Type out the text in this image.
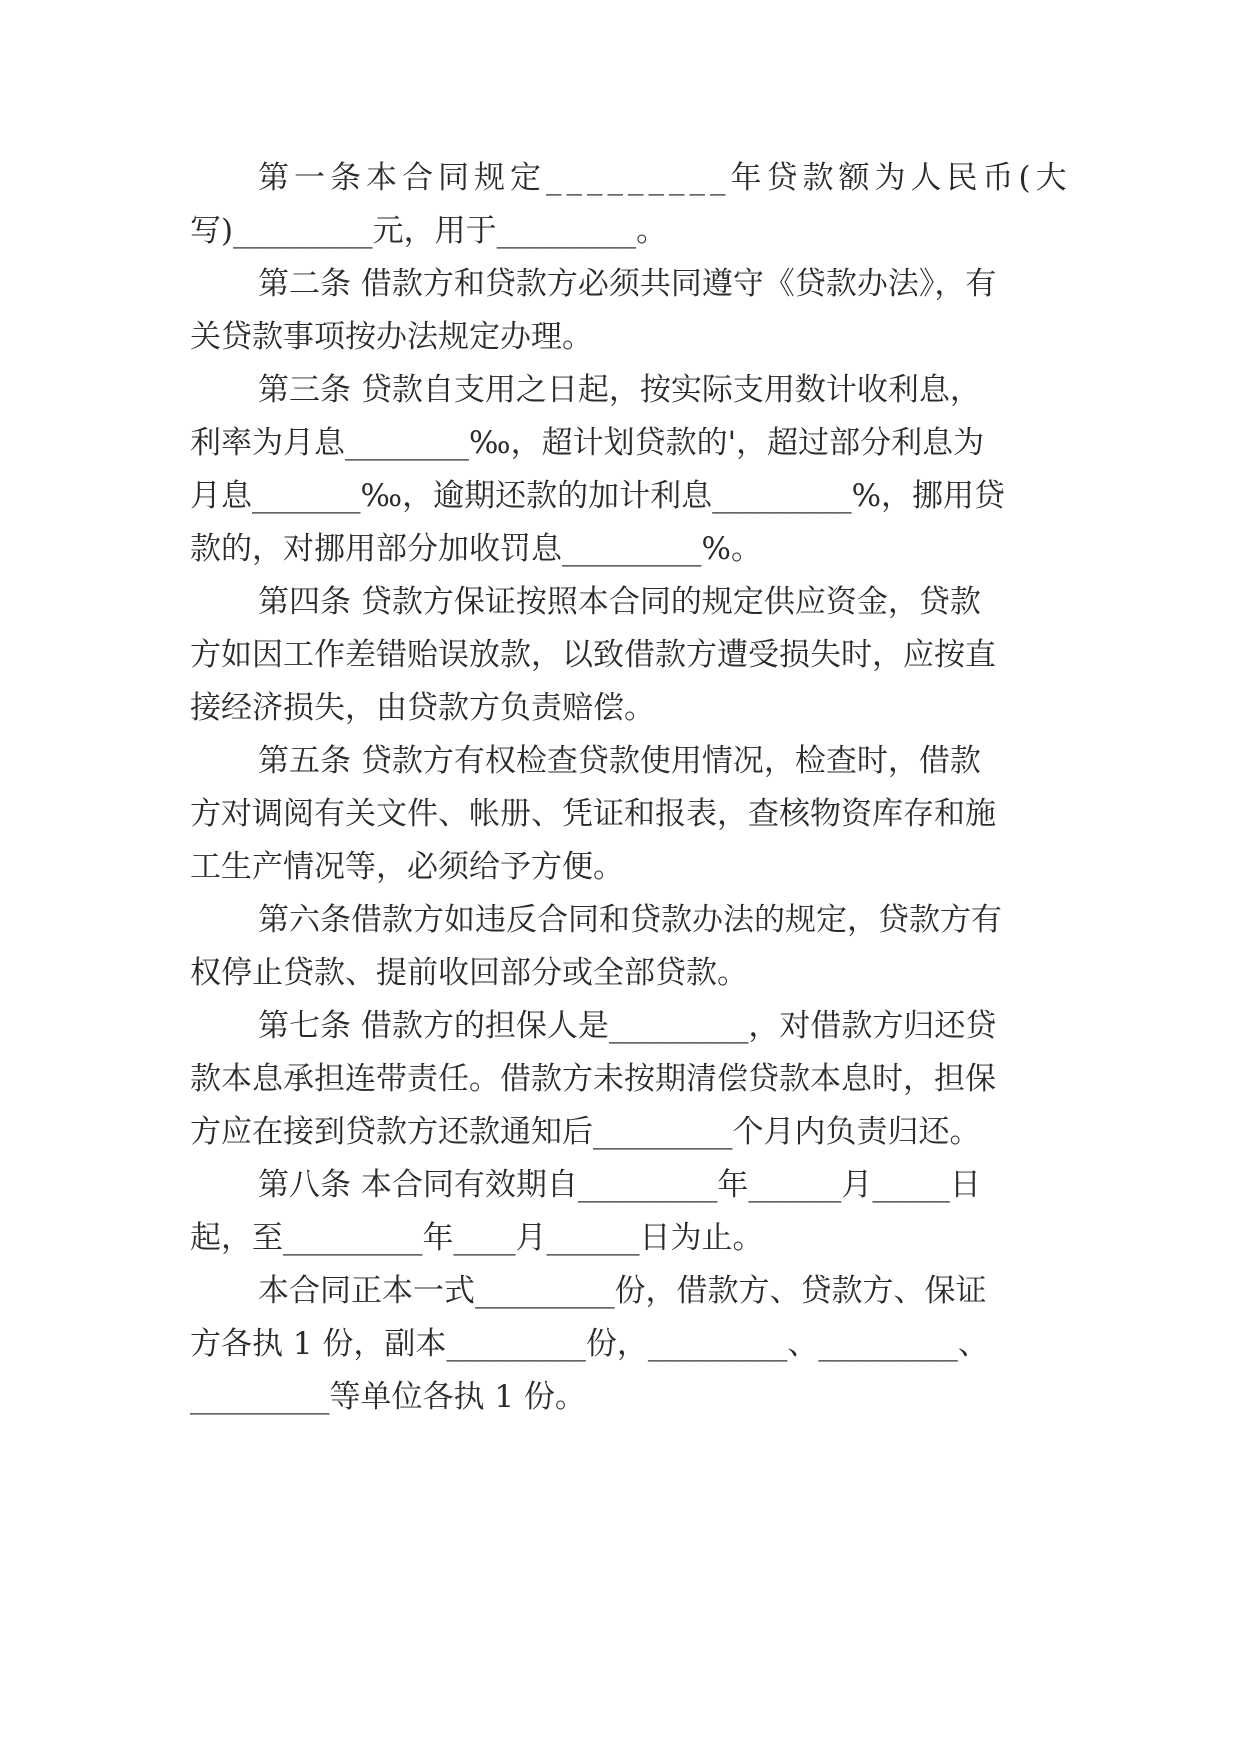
第一条本合同规定_________年贷款额为人民币(大
写)_________元，用于_________。
第二条 借款方和贷款方必须共同遵守《贷款办法》，有
关贷款事项按办法规定办理。
第三条 贷款自支用之日起，按实际支用数计收利息，
利率为月息________‰，超计划贷款的'，超过部分利息为
月息_______‰，逾期还款的加计利息_________%，挪用贷
款的，对挪用部分加收罚息_________%。
第四条 贷款方保证按照本合同的规定供应资金，贷款
方如因工作差错贻误放款，以致借款方遭受损失时，应按直
接经济损失，由贷款方负责赔偿。
第五条 贷款方有权检查贷款使用情况，检查时，借款
方对调阅有关文件、帐册、凭证和报表，查核物资库存和施
工生产情况等，必须给予方便。
第六条借款方如违反合同和贷款办法的规定，贷款方有
权停止贷款、提前收回部分或全部贷款。
第七条 借款方的担保人是_________，对借款方归还贷
款本息承担连带责任。借款方未按期清偿贷款本息时，担保
方应在接到贷款方还款通知后_________个月内负责归还。
第八条 本合同有效期自_________年______月_____日
起，至_________年____月______日为止。
本合同正本一式_________份，借款方、贷款方、保证
方各执 1 份，副本_________份，_________、_________、
_________等单位各执 1 份。
